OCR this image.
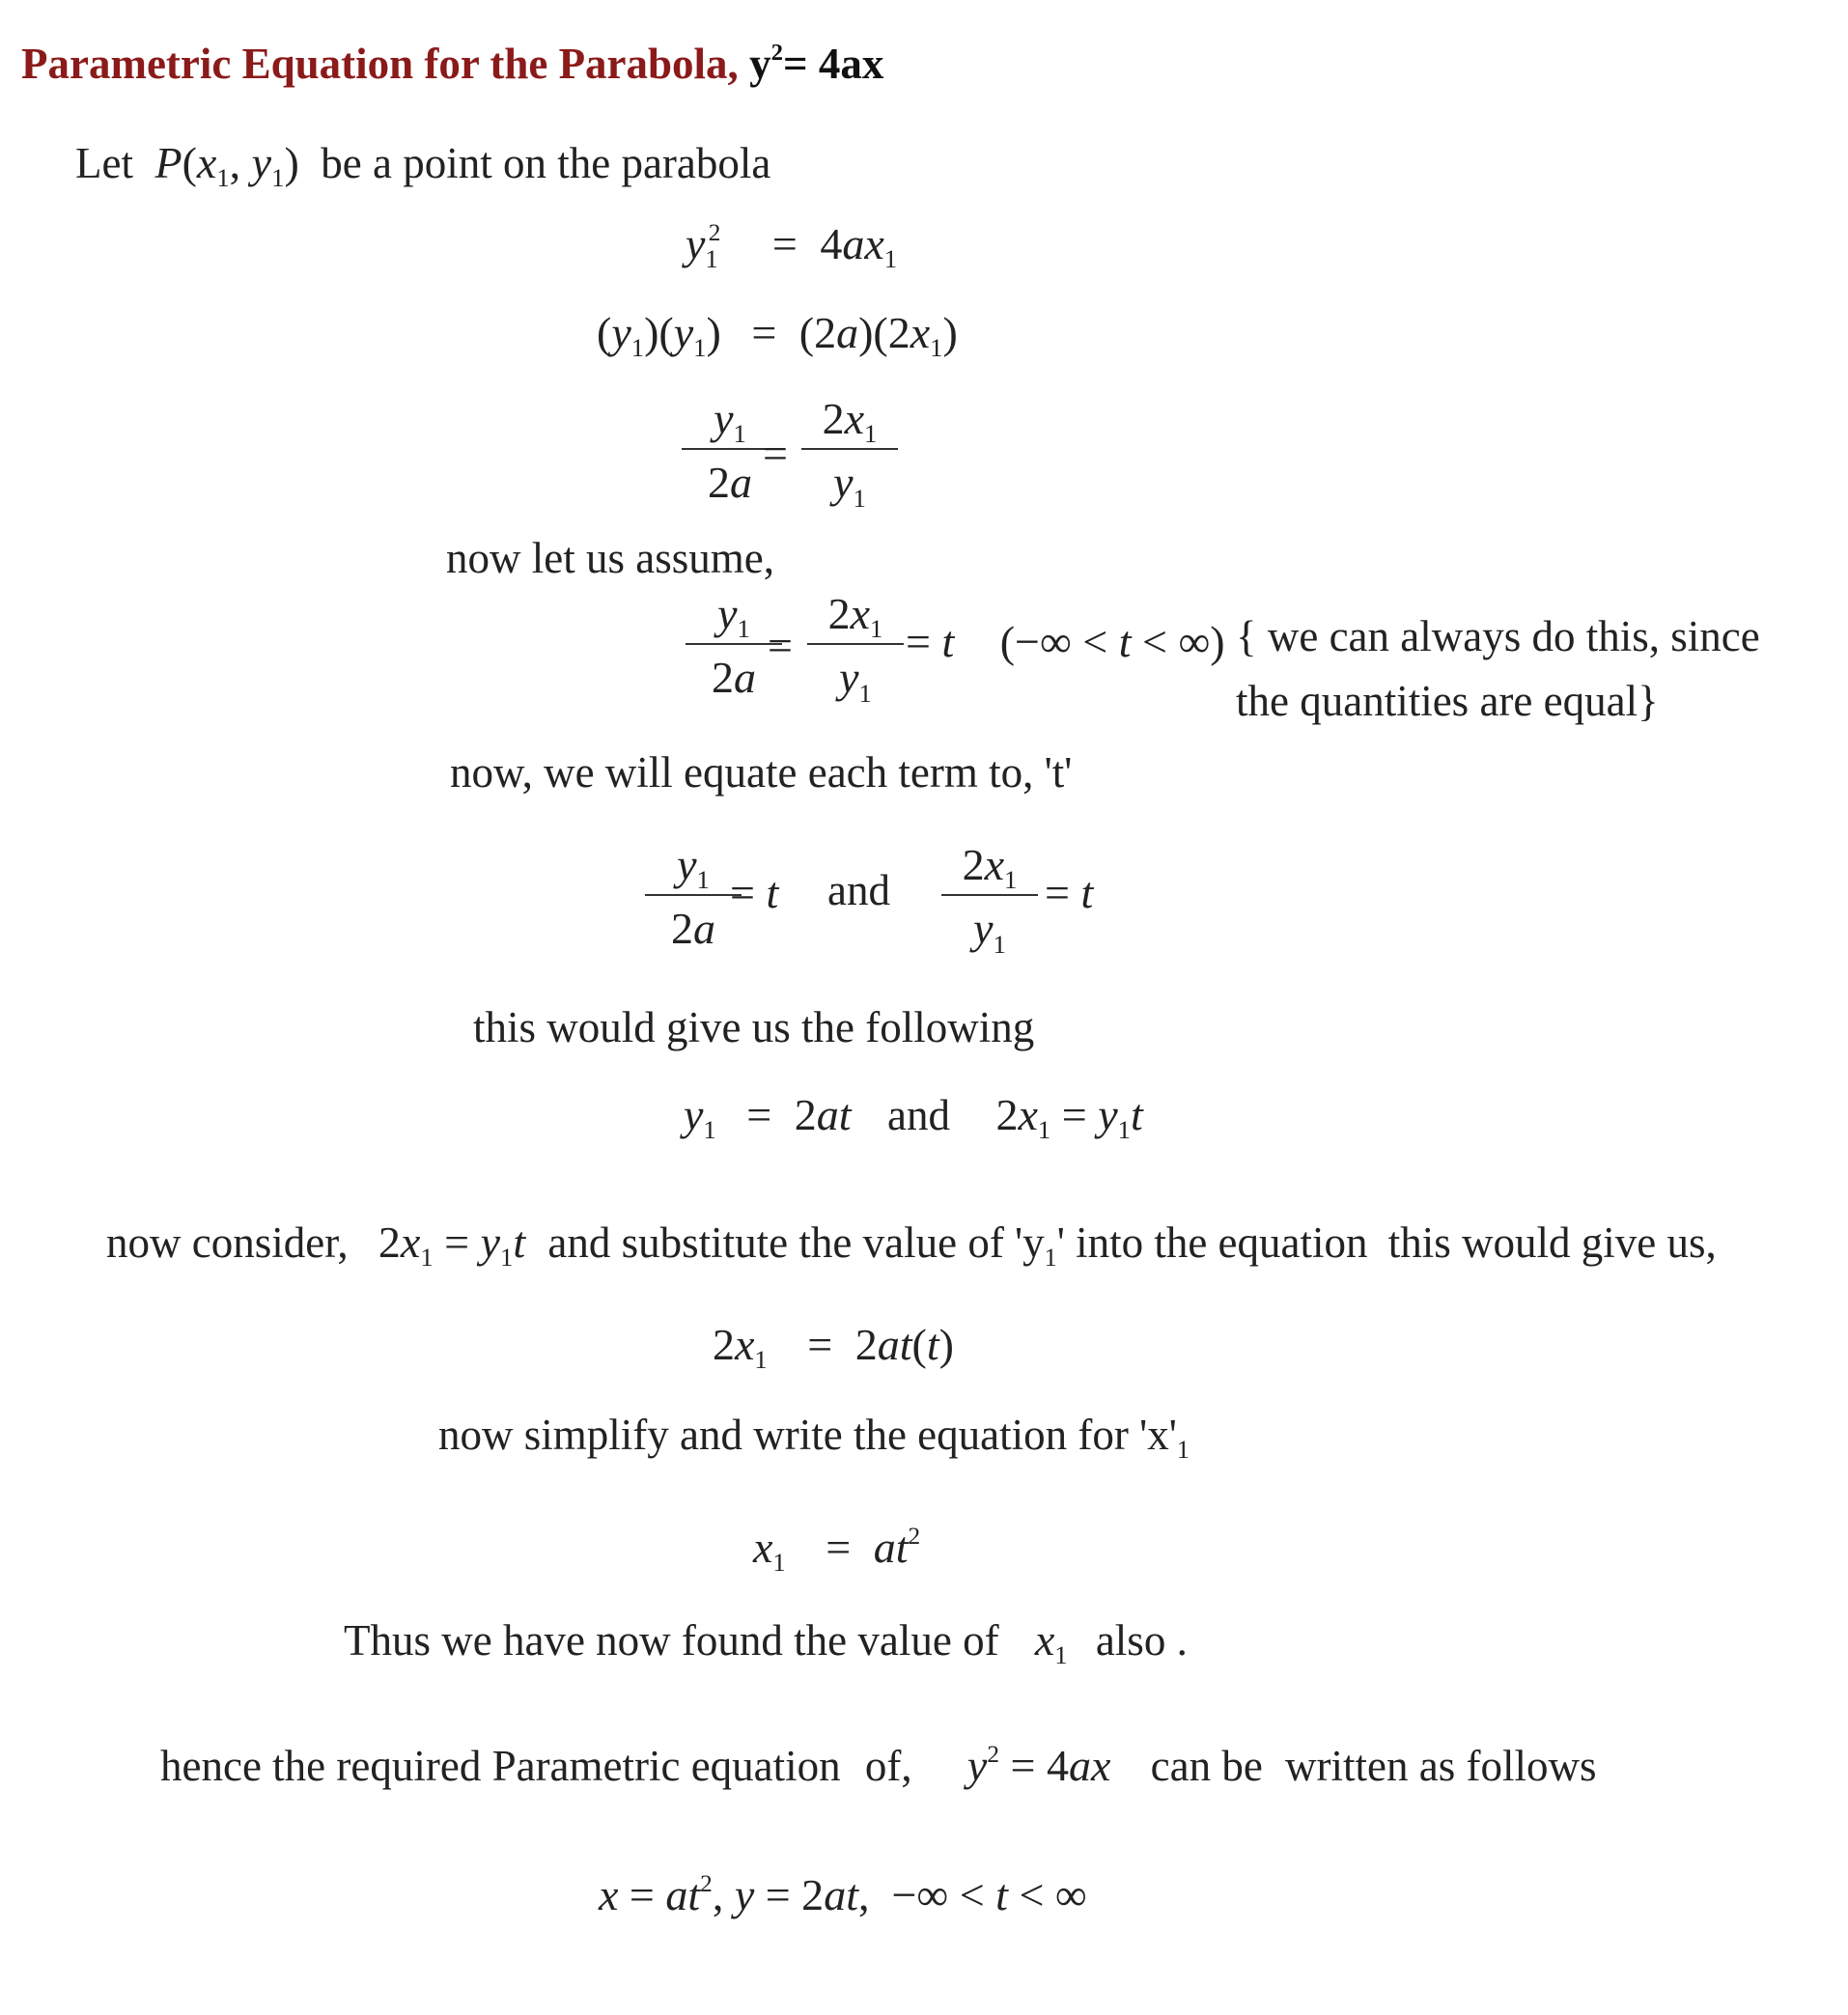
Parametric Equation for the Parabola, $y^2= 4ax$
Let $P(x_1$, $y_1$) be a point on the parabola
$y_1^2 = 4ax_1$
$(y_1)(y_1) = (2a)(2x_1)$
$\frac{y_1}{2a}$
= $\frac{2x_1}{y_1}$
now let us assume,
$\frac{y_1}{2a}$
= $\frac{2x_1}{y_1} = t$ (−∞ < t < ∞) { we can always do this, since
the quantities are equal}
now, we will equate each term to, 't'
$\frac{y_1}{2a}$
= t and $\frac{2x_1}{y_1} = t$
this would give us the following
$y_1 = 2at$ and $2x_1 = y_1t$
now consider, $2x_1 = y_1t$ and substitute the value of '$y_1$' into the equation this would give us,
$2x_1 = 2at(t)$
now simplify and write the equation for '$x'_1$
$x_1 = at^2$
Thus we have now found the value of $x_1$ also .
hence the required Parametric equation of, $y^2 = 4ax$ can be written as follows
$x = at^2$, y = 2at,  −∞ < t < ∞
